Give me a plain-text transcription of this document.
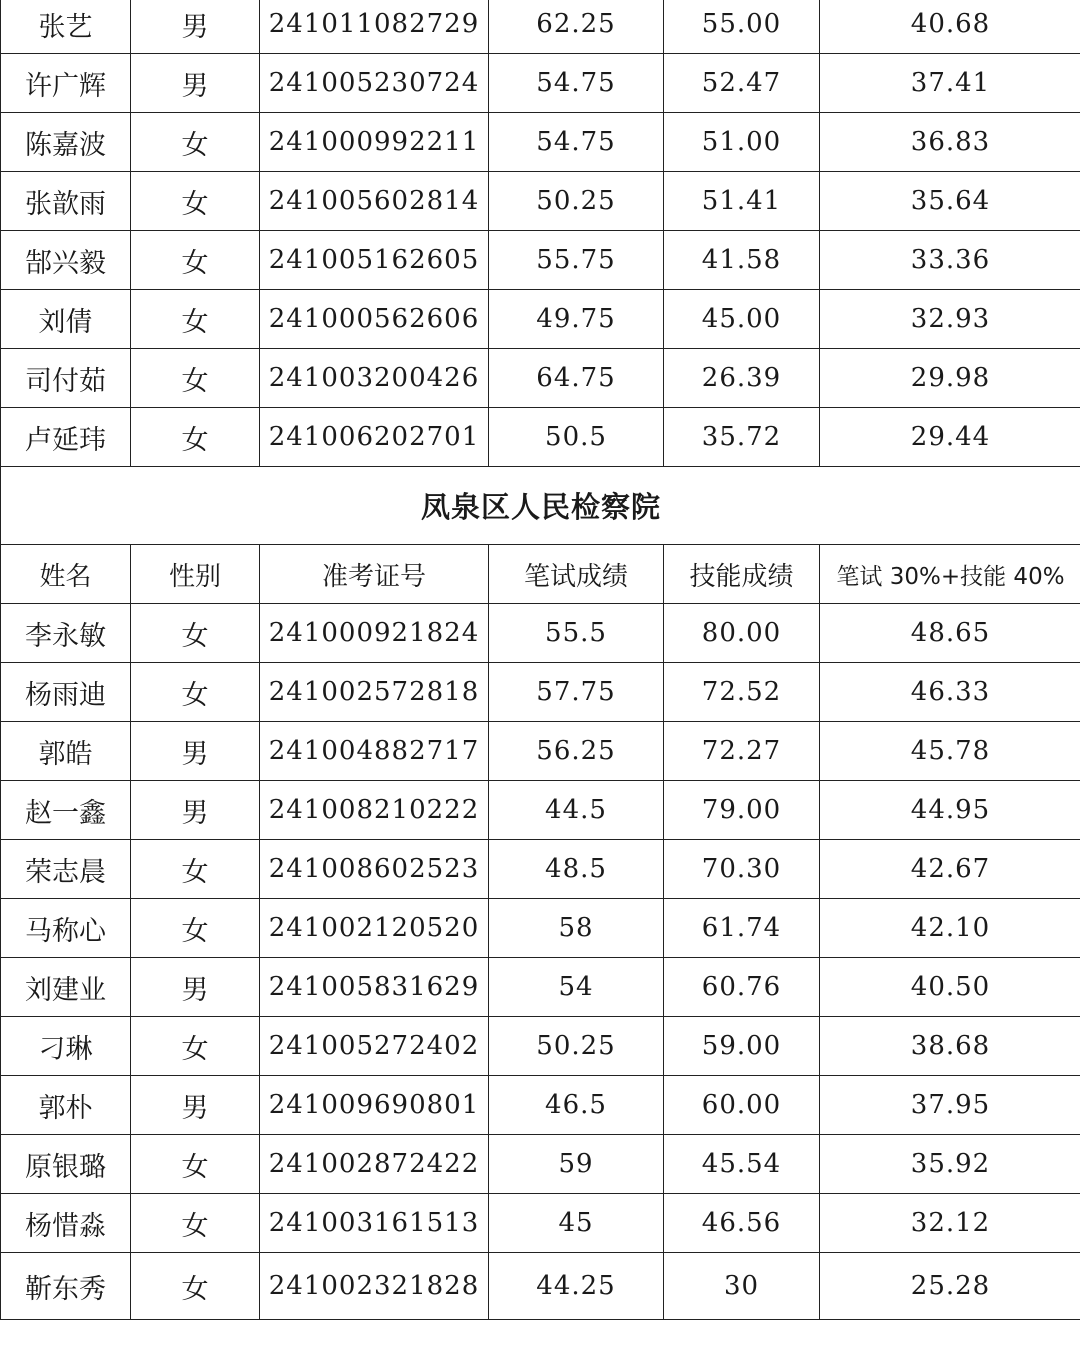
张艺	男	241011082729	62.25	55.00	40.68
许广辉	男	241005230724	54.75	52.47	37.41
陈嘉波	女	241000992211	54.75	51.00	36.83
张歆雨	女	241005602814	50.25	51.41	35.64
郜兴毅	女	241005162605	55.75	41.58	33.36
刘倩	女	241000562606	49.75	45.00	32.93
司付茹	女	241003200426	64.75	26.39	29.98
卢延玮	女	241006202701	50.5	35.72	29.44
凤泉区人民检察院					
姓名	性别	准考证号	笔试成绩	技能成绩	笔试 30%+技能 40%
李永敏	女	241000921824	55.5	80.00	48.65
杨雨迪	女	241002572818	57.75	72.52	46.33
郭皓	男	241004882717	56.25	72.27	45.78
赵一鑫	男	241008210222	44.5	79.00	44.95
荣志晨	女	241008602523	48.5	70.30	42.67
马称心	女	241002120520	58	61.74	42.10
刘建业	男	241005831629	54	60.76	40.50
刁琳	女	241005272402	50.25	59.00	38.68
郭朴	男	241009690801	46.5	60.00	37.95
原银璐	女	241002872422	59	45.54	35.92
杨惜淼	女	241003161513	45	46.56	32.12
靳东秀	女	241002321828	44.25	30	25.28
